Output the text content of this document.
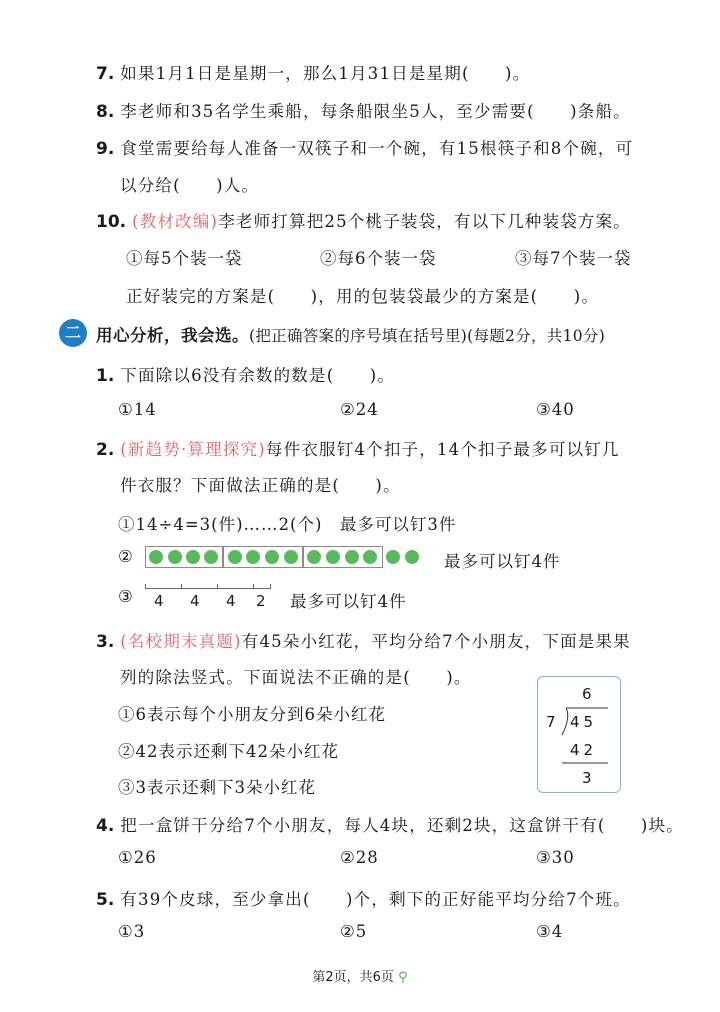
7. 如果1月1日是星期一，那么1月31日是星期(　　)。
8. 李老师和35名学生乘船，每条船限坐5人，至少需要(　　)条船。
9. 食堂需要给每人准备一双筷子和一个碗，有15根筷子和8个碗，可
以分给(　　)人。
10. (教材改编)李老师打算把25个桃子装袋，有以下几种装袋方案。
①每5个装一袋	②每6个装一袋	③每7个装一袋
正好装完的方案是(　　)，用的包装袋最少的方案是(　　)。
二 用心分析，我会选。(把正确答案的序号填在括号里)(每题2分，共10分)
1. 下面除以6没有余数的数是(　　)。
①14	②24	③40
2. (新趋势·算理探究)每件衣服钉4个扣子，14个扣子最多可以钉几
件衣服？下面做法正确的是(　　)。
①14÷4=3(件)……2(个)　最多可以钉3件
②	最多可以钉4件
③ 4 4 4 2 最多可以钉4件
3. (名校期末真题)有45朵小红花，平均分给7个小朋友，下面是果果
列的除法竖式。下面说法不正确的是(　　)。
①6表示每个小朋友分到6朵小红花
②42表示还剩下42朵小红花
③3表示还剩下3朵小红花
6
7 45
42
3
4. 把一盒饼干分给7个小朋友，每人4块，还剩2块，这盒饼干有(　　)块。
①26	②28	③30
5. 有39个皮球，至少拿出(　　)个，剩下的正好能平均分给7个班。
①3	②5	③4
第2页，共6页 ⚲
